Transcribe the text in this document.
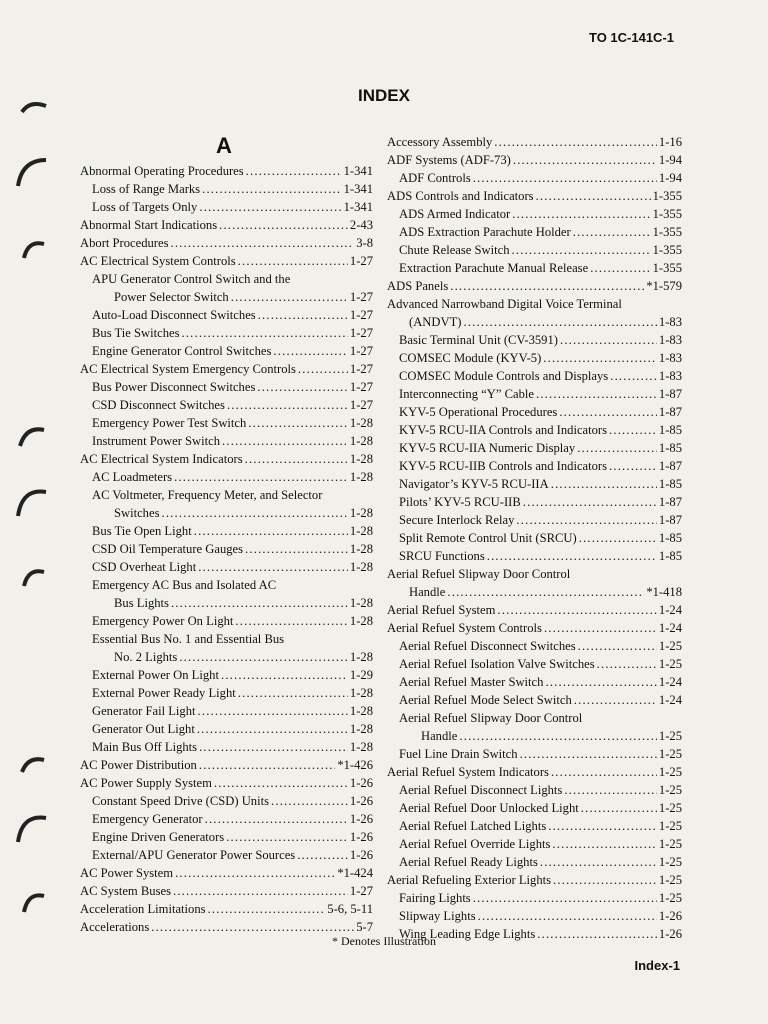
TO 1C-141C-1
INDEX
A
Abnormal Operating Procedures .....	1-341
Loss of Range Marks .....	1-341
Loss of Targets Only .....	1-341
Abnormal Start Indications .....	2-43
Abort Procedures .....	3-8
AC Electrical System Controls .....	1-27
APU Generator Control Switch and the
Power Selector Switch .....	1-27
Auto-Load Disconnect Switches .....	1-27
Bus Tie Switches .....	1-27
Engine Generator Control Switches .....	1-27
AC Electrical System Emergency Controls .....	1-27
Bus Power Disconnect Switches .....	1-27
CSD Disconnect Switches .....	1-27
Emergency Power Test Switch .....	1-28
Instrument Power Switch .....	1-28
AC Electrical System Indicators .....	1-28
AC Loadmeters .....	1-28
AC Voltmeter, Frequency Meter, and Selector
Switches .....	1-28
Bus Tie Open Light .....	1-28
CSD Oil Temperature Gauges .....	1-28
CSD Overheat Light .....	1-28
Emergency AC Bus and Isolated AC
Bus Lights .....	1-28
Emergency Power On Light .....	1-28
Essential Bus No. 1 and Essential Bus
No. 2 Lights .....	1-28
External Power On Light .....	1-29
External Power Ready Light .....	1-28
Generator Fail Light .....	1-28
Generator Out Light .....	1-28
Main Bus Off Lights .....	1-28
AC Power Distribution .....	*1-426
AC Power Supply System .....	1-26
Constant Speed Drive (CSD) Units .....	1-26
Emergency Generator .....	1-26
Engine Driven Generators .....	1-26
External/APU Generator Power Sources .....	1-26
AC Power System .....	*1-424
AC System Buses .....	1-27
Acceleration Limitations .....	5-6, 5-11
Accelerations .....	5-7
Accessory Assembly .....	1-16
ADF Systems (ADF-73) .....	1-94
ADF Controls .....	1-94
ADS Controls and Indicators .....	1-355
ADS Armed Indicator .....	1-355
ADS Extraction Parachute Holder .....	1-355
Chute Release Switch .....	1-355
Extraction Parachute Manual Release .....	1-355
ADS Panels .....	*1-579
Advanced Narrowband Digital Voice Terminal
(ANDVT) .....	1-83
Basic Terminal Unit (CV-3591) .....	1-83
COMSEC Module (KYV-5) .....	1-83
COMSEC Module Controls and Displays .....	1-83
Interconnecting “Y” Cable .....	1-87
KYV-5 Operational Procedures .....	1-87
KYV-5 RCU-IIA Controls and Indicators .....	1-85
KYV-5 RCU-IIA Numeric Display .....	1-85
KYV-5 RCU-IIB Controls and Indicators .....	1-87
Navigator’s KYV-5 RCU-IIA .....	1-85
Pilots’ KYV-5 RCU-IIB .....	1-87
Secure Interlock Relay .....	1-87
Split Remote Control Unit (SRCU) .....	1-85
SRCU Functions .....	1-85
Aerial Refuel Slipway Door Control
Handle .....	*1-418
Aerial Refuel System .....	1-24
Aerial Refuel System Controls .....	1-24
Aerial Refuel Disconnect Switches .....	1-25
Aerial Refuel Isolation Valve Switches .....	1-25
Aerial Refuel Master Switch .....	1-24
Aerial Refuel Mode Select Switch .....	1-24
Aerial Refuel Slipway Door Control
Handle .....	1-25
Fuel Line Drain Switch .....	1-25
Aerial Refuel System Indicators .....	1-25
Aerial Refuel Disconnect Lights .....	1-25
Aerial Refuel Door Unlocked Light .....	1-25
Aerial Refuel Latched Lights .....	1-25
Aerial Refuel Override Lights .....	1-25
Aerial Refuel Ready Lights .....	1-25
Aerial Refueling Exterior Lights .....	1-25
Fairing Lights .....	1-25
Slipway Lights .....	1-26
Wing Leading Edge Lights .....	1-26
* Denotes Illustration
Index-1
